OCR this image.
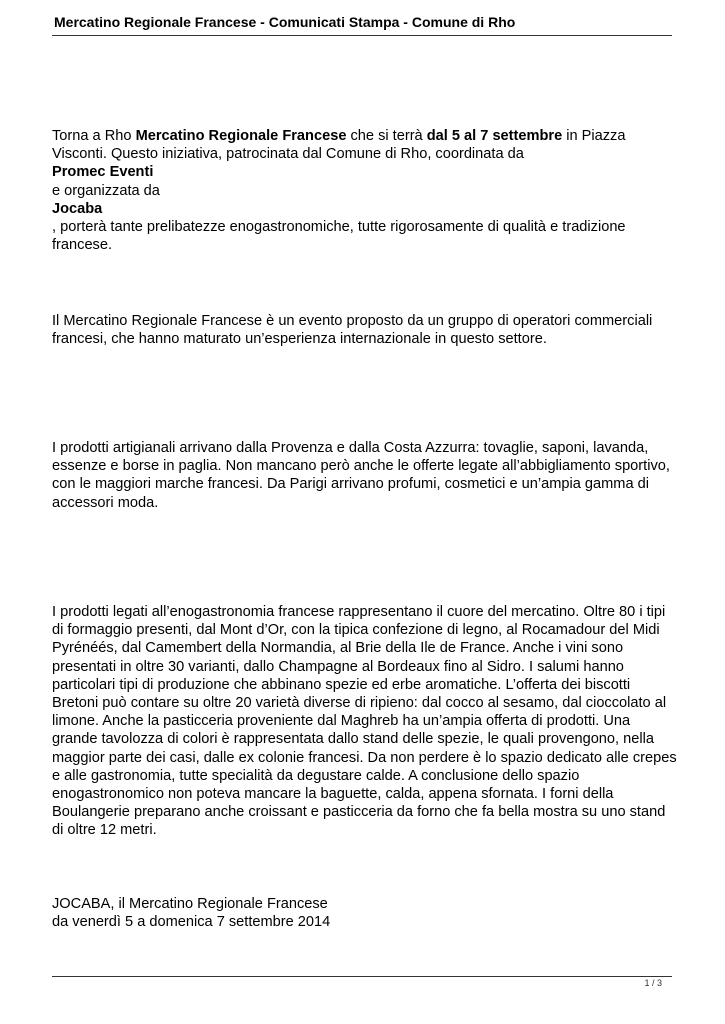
Mercatino Regionale Francese - Comunicati Stampa - Comune di Rho

Torna a Rho Mercatino Regionale Francese che si terrà dal 5 al 7 settembre in Piazza Visconti. Questo iniziativa, patrocinata dal Comune di Rho, coordinata da

Promec Eventi

e organizzata da

Jocaba

, porterà tante prelibatezze enogastronomiche, tutte rigorosamente di qualità e tradizione francese.

Il Mercatino Regionale Francese è un evento proposto da un gruppo di operatori commerciali francesi, che hanno maturato un’esperienza internazionale in questo settore.

I prodotti artigianali arrivano dalla Provenza e dalla Costa Azzurra: tovaglie, saponi, lavanda, essenze e borse in paglia. Non mancano però anche le offerte legate all’abbigliamento sportivo, con le maggiori marche francesi. Da Parigi arrivano profumi, cosmetici e un’ampia gamma di accessori moda.

I prodotti legati all’enogastronomia francese rappresentano il cuore del mercatino. Oltre 80 i tipi di formaggio presenti, dal Mont d’Or, con la tipica confezione di legno, al Rocamadour del Midi Pyrénéés, dal Camembert della Normandia, al Brie della Ile de France. Anche i vini sono presentati in oltre 30 varianti, dallo Champagne al Bordeaux fino al Sidro. I salumi hanno particolari tipi di produzione che abbinano spezie ed erbe aromatiche. L’offerta dei biscotti Bretoni può contare su oltre 20 varietà diverse di ripieno: dal cocco al sesamo, dal cioccolato al limone. Anche la pasticceria proveniente dal Maghreb ha un’ampia offerta di prodotti. Una grande tavolozza di colori è rappresentata dallo stand delle spezie, le quali provengono, nella maggior parte dei casi, dalle ex colonie francesi. Da non perdere è lo spazio dedicato alle crepes e alle gastronomia, tutte specialità da degustare calde. A conclusione dello spazio enogastronomico non poteva mancare la baguette, calda, appena sfornata. I forni della Boulangerie preparano anche croissant e pasticceria da forno che fa bella mostra su uno stand di oltre 12 metri.

JOCABA, il Mercatino Regionale Francese

da venerdì 5 a domenica 7 settembre 2014

1 / 3
